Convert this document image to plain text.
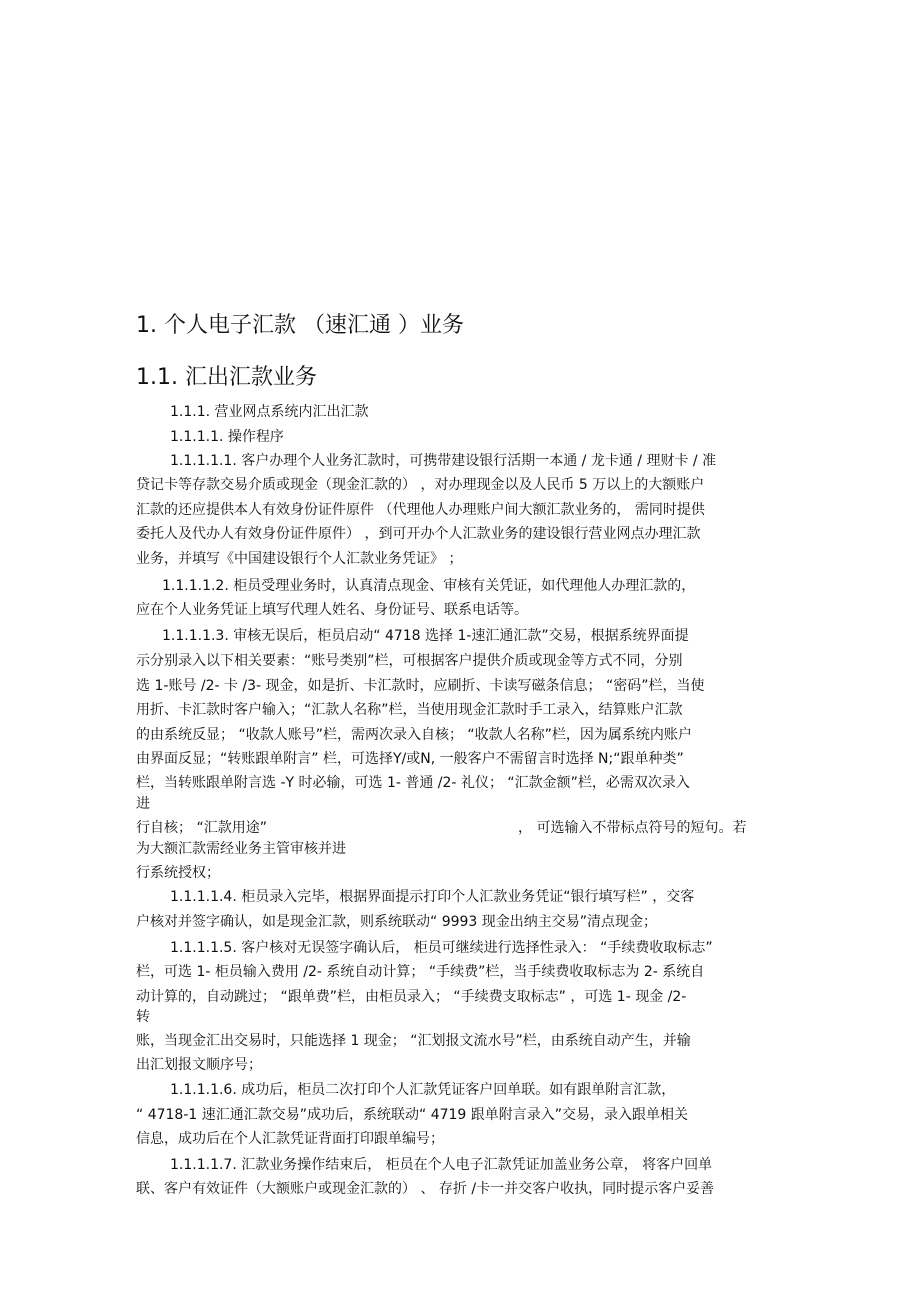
1. 个人电子汇款 （速汇通 ）业务
1.1. 汇出汇款业务
1.1.1. 营业网点系统内汇出汇款
1.1.1.1. 操作程序
1.1.1.1.1. 客户办理个人业务汇款时，可携带建设银行活期一本通 / 龙卡通 / 理财卡 / 准
贷记卡等存款交易介质或现金（现金汇款的） ，对办理现金以及人民币 5 万以上的大额账户
汇款的还应提供本人有效身份证件原件 （代理他人办理账户间大额汇款业务的， 需同时提供
委托人及代办人有效身份证件原件） ，到可开办个人汇款业务的建设银行营业网点办理汇款
业务，并填写《中国建设银行个人汇款业务凭证》 ；
1.1.1.1.2. 柜员受理业务时，认真清点现金、审核有关凭证，如代理他人办理汇款的，
应在个人业务凭证上填写代理人姓名、身份证号、联系电话等。
1.1.1.1.3. 审核无误后，柜员启动“ 4718 选择 1-速汇通汇款”交易，根据系统界面提
示分别录入以下相关要素：“账号类别”栏，可根据客户提供介质或现金等方式不同，分别
选 1-账号 /2- 卡 /3- 现金，如是折、卡汇款时，应刷折、卡读写磁条信息； “密码”栏，当使
用折、卡汇款时客户输入；“汇款人名称”栏，当使用现金汇款时手工录入，结算账户汇款
的由系统反显； “收款人账号”栏，需两次录入自核； “收款人名称”栏，因为属系统内账户
由界面反显；“转账跟单附言” 栏，可选择Y/或N, 一般客户不需留言时选择 N;“跟单种类”
栏，当转账跟单附言选 -Y 时必输，可选 1- 普通 /2- 礼仪； “汇款金额”栏，必需双次录入
进
行自核； “汇款用途”	， 可选输入不带标点符号的短句。若
为大额汇款需经业务主管审核并进
行系统授权；
1.1.1.1.4. 柜员录入完毕，根据界面提示打印个人汇款业务凭证“银行填写栏” ，交客
户核对并签字确认，如是现金汇款，则系统联动“ 9993 现金出纳主交易”清点现金；
1.1.1.1.5. 客户核对无误签字确认后， 柜员可继续进行选择性录入： “手续费收取标志”
栏，可选 1- 柜员输入费用 /2- 系统自动计算； “手续费”栏，当手续费收取标志为 2- 系统自
动计算的，自动跳过； “跟单费”栏，由柜员录入； “手续费支取标志” ，可选 1- 现金 /2-
转
账，当现金汇出交易时，只能选择 1 现金； “汇划报文流水号”栏，由系统自动产生，并输
出汇划报文顺序号；
1.1.1.1.6. 成功后，柜员二次打印个人汇款凭证客户回单联。如有跟单附言汇款，
“ 4718-1 速汇通汇款交易”成功后，系统联动“ 4719 跟单附言录入”交易，录入跟单相关
信息，成功后在个人汇款凭证背面打印跟单编号；
1.1.1.1.7. 汇款业务操作结束后， 柜员在个人电子汇款凭证加盖业务公章， 将客户回单
联、客户有效证件（大额账户或现金汇款的） 、 存折 /卡一并交客户收执，同时提示客户妥善
